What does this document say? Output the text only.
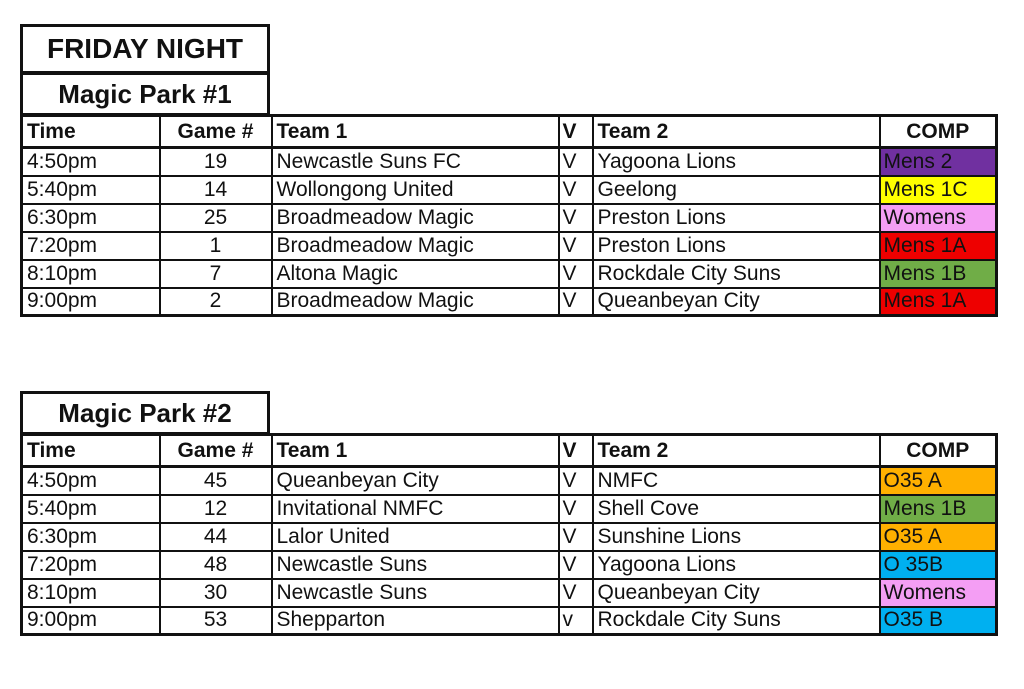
FRIDAY NIGHT
Magic Park #1
Time	Game #	Team 1	V	Team 2	COMP
4:50pm	19	Newcastle Suns FC	V	Yagoona Lions	Mens 2
5:40pm	14	Wollongong United	V	Geelong	Mens 1C
6:30pm	25	Broadmeadow Magic	V	Preston Lions	Womens
7:20pm	1	Broadmeadow Magic	V	Preston Lions	Mens 1A
8:10pm	7	Altona Magic	V	Rockdale City Suns	Mens 1B
9:00pm	2	Broadmeadow Magic	V	Queanbeyan City	Mens 1A
Magic Park #2
Time	Game #	Team 1	V	Team 2	COMP
4:50pm	45	Queanbeyan City	V	NMFC	O35 A
5:40pm	12	Invitational NMFC	V	Shell Cove	Mens 1B
6:30pm	44	Lalor United	V	Sunshine Lions	O35 A
7:20pm	48	Newcastle Suns	V	Yagoona Lions	O 35B
8:10pm	30	Newcastle Suns	V	Queanbeyan City	Womens
9:00pm	53	Shepparton	v	Rockdale City Suns	O35 B
